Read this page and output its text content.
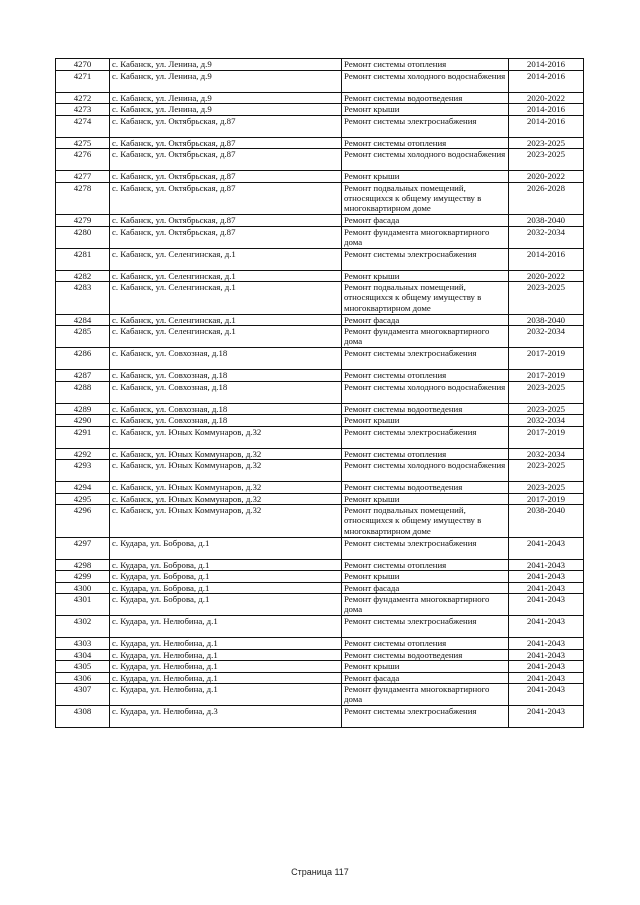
4270	с. Кабанск, ул. Ленина, д.9	Ремонт системы отопления	2014-2016
4271	с. Кабанск, ул. Ленина, д.9	Ремонт системы холодного водоснабжения	2014-2016
4272	с. Кабанск, ул. Ленина, д.9	Ремонт системы водоотведения	2020-2022
4273	с. Кабанск, ул. Ленина, д.9	Ремонт крыши	2014-2016
4274	с. Кабанск, ул. Октябрьская, д.87	Ремонт системы электроснабжения	2014-2016
4275	с. Кабанск, ул. Октябрьская, д.87	Ремонт системы отопления	2023-2025
4276	с. Кабанск, ул. Октябрьская, д.87	Ремонт системы холодного водоснабжения	2023-2025
4277	с. Кабанск, ул. Октябрьская, д.87	Ремонт крыши	2020-2022
4278	с. Кабанск, ул. Октябрьская, д.87	Ремонт подвальных помещений, относящихся к общему имуществу в многоквартирном доме	2026-2028
4279	с. Кабанск, ул. Октябрьская, д.87	Ремонт фасада	2038-2040
4280	с. Кабанск, ул. Октябрьская, д.87	Ремонт фундамента многоквартирного дома	2032-2034
4281	с. Кабанск, ул. Селенгинская, д.1	Ремонт системы электроснабжения	2014-2016
4282	с. Кабанск, ул. Селенгинская, д.1	Ремонт крыши	2020-2022
4283	с. Кабанск, ул. Селенгинская, д.1	Ремонт подвальных помещений, относящихся к общему имуществу в многоквартирном доме	2023-2025
4284	с. Кабанск, ул. Селенгинская, д.1	Ремонт фасада	2038-2040
4285	с. Кабанск, ул. Селенгинская, д.1	Ремонт фундамента многоквартирного дома	2032-2034
4286	с. Кабанск, ул. Совхозная, д.18	Ремонт системы электроснабжения	2017-2019
4287	с. Кабанск, ул. Совхозная, д.18	Ремонт системы отопления	2017-2019
4288	с. Кабанск, ул. Совхозная, д.18	Ремонт системы холодного водоснабжения	2023-2025
4289	с. Кабанск, ул. Совхозная, д.18	Ремонт системы водоотведения	2023-2025
4290	с. Кабанск, ул. Совхозная, д.18	Ремонт крыши	2032-2034
4291	с. Кабанск, ул. Юных Коммунаров, д.32	Ремонт системы электроснабжения	2017-2019
4292	с. Кабанск, ул. Юных Коммунаров, д.32	Ремонт системы отопления	2032-2034
4293	с. Кабанск, ул. Юных Коммунаров, д.32	Ремонт системы холодного водоснабжения	2023-2025
4294	с. Кабанск, ул. Юных Коммунаров, д.32	Ремонт системы водоотведения	2023-2025
4295	с. Кабанск, ул. Юных Коммунаров, д.32	Ремонт крыши	2017-2019
4296	с. Кабанск, ул. Юных Коммунаров, д.32	Ремонт подвальных помещений, относящихся к общему имуществу в многоквартирном доме	2038-2040
4297	с. Кудара, ул. Боброва, д.1	Ремонт системы электроснабжения	2041-2043
4298	с. Кудара, ул. Боброва, д.1	Ремонт системы отопления	2041-2043
4299	с. Кудара, ул. Боброва, д.1	Ремонт крыши	2041-2043
4300	с. Кудара, ул. Боброва, д.1	Ремонт фасада	2041-2043
4301	с. Кудара, ул. Боброва, д.1	Ремонт фундамента многоквартирного дома	2041-2043
4302	с. Кудара, ул. Нелюбина, д.1	Ремонт системы электроснабжения	2041-2043
4303	с. Кудара, ул. Нелюбина, д.1	Ремонт системы отопления	2041-2043
4304	с. Кудара, ул. Нелюбина, д.1	Ремонт системы водоотведения	2041-2043
4305	с. Кудара, ул. Нелюбина, д.1	Ремонт крыши	2041-2043
4306	с. Кудара, ул. Нелюбина, д.1	Ремонт фасада	2041-2043
4307	с. Кудара, ул. Нелюбина, д.1	Ремонт фундамента многоквартирного дома	2041-2043
4308	с. Кудара, ул. Нелюбина, д.3	Ремонт системы электроснабжения	2041-2043
Страница 117
